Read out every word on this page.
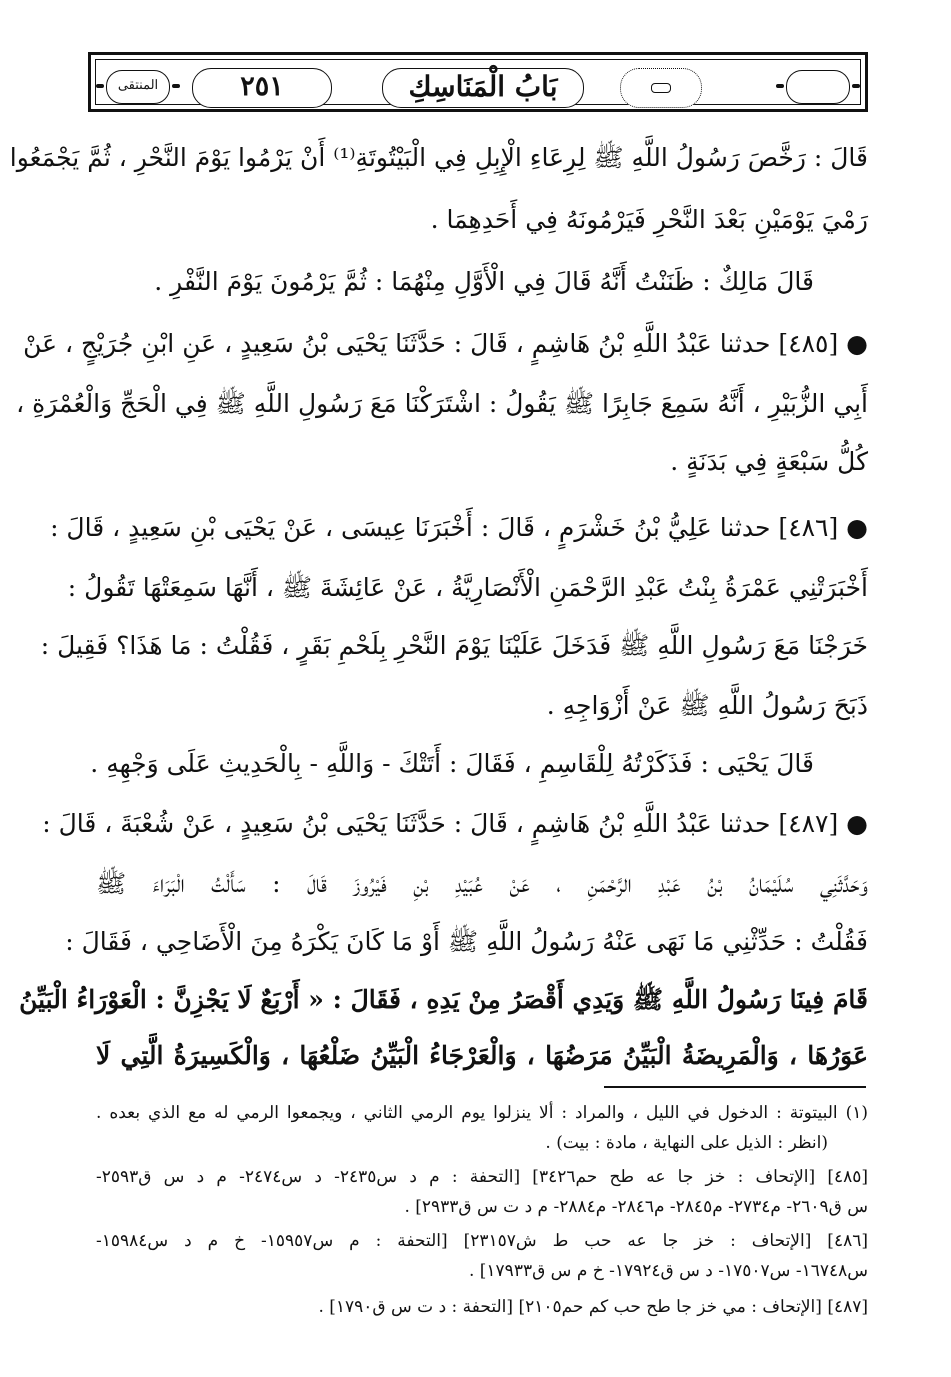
المنتقى	٢٥١	بَابُ الْمَنَاسِكِ
قَالَ : رَخَّصَ رَسُولُ اللَّهِ ﷺ لِرِعَاءِ الْإِبِلِ فِي الْبَيْتُوتَةِ⁽¹⁾ أَنْ يَرْمُوا يَوْمَ النَّحْرِ ، ثُمَّ يَجْمَعُوا
رَمْيَ يَوْمَيْنِ بَعْدَ النَّحْرِ فَيَرْمُونَهُ فِي أَحَدِهِمَا .
قَالَ مَالِكٌ : ظَنَنْتُ أَنَّهُ قَالَ فِي الْأَوَّلِ مِنْهُمَا : ثُمَّ يَرْمُونَ يَوْمَ النَّفْرِ .
● [٤٨٥] حدثنا عَبْدُ اللَّهِ بْنُ هَاشِمٍ ، قَالَ : حَدَّثَنَا يَحْيَى بْنُ سَعِيدٍ ، عَنِ ابْنِ جُرَيْجٍ ، عَنْ
أَبِي الزُّبَيْرِ ، أَنَّهُ سَمِعَ جَابِرًا ﷺ يَقُولُ : اشْتَرَكْنَا مَعَ رَسُولِ اللَّهِ ﷺ فِي الْحَجِّ وَالْعُمْرَةِ ،
كُلُّ سَبْعَةٍ فِي بَدَنَةٍ .
● [٤٨٦] حدثنا عَلِيُّ بْنُ خَشْرَمٍ ، قَالَ : أَخْبَرَنَا عِيسَى ، عَنْ يَحْيَى بْنِ سَعِيدٍ ، قَالَ :
أَخْبَرَتْنِي عَمْرَةُ بِنْتُ عَبْدِ الرَّحْمَنِ الْأَنْصَارِيَّةُ ، عَنْ عَائِشَةَ ﷺ ، أَنَّهَا سَمِعَتْهَا تَقُولُ :
خَرَجْنَا مَعَ رَسُولِ اللَّهِ ﷺ فَدَخَلَ عَلَيْنَا يَوْمَ النَّحْرِ بِلَحْمِ بَقَرٍ ، فَقُلْتُ : مَا هَذَا؟ فَقِيلَ :
ذَبَحَ رَسُولُ اللَّهِ ﷺ عَنْ أَزْوَاجِهِ .
قَالَ يَحْيَى : فَذَكَرْتُهُ لِلْقَاسِمِ ، فَقَالَ : أَتَتْكَ - وَاللَّهِ - بِالْحَدِيثِ عَلَى وَجْهِهِ .
● [٤٨٧] حدثنا عَبْدُ اللَّهِ بْنُ هَاشِمٍ ، قَالَ : حَدَّثَنَا يَحْيَى بْنُ سَعِيدٍ ، عَنْ شُعْبَةَ ، قَالَ :
وَحَدَّثَنِي سُلَيْمَانُ بْنُ عَبْدِ الرَّحْمَنِ ، عَنْ عُبَيْدِ بْنِ فَيْرُوزَ قَالَ : سَأَلْتُ الْبَرَاءَ ﷺ
فَقُلْتُ : حَدِّثْنِي مَا نَهَى عَنْهُ رَسُولُ اللَّهِ ﷺ أَوْ مَا كَانَ يَكْرَهُ مِنَ الْأَضَاحِي ، فَقَالَ :
قَامَ فِينَا رَسُولُ اللَّهِ ﷺ وَيَدِي أَقْصَرُ مِنْ يَدِهِ ، فَقَالَ : « أَرْبَعٌ لَا يَجْزِنَّ : الْعَوْرَاءُ الْبَيِّنُ
عَوَرُهَا ، وَالْمَرِيضَةُ الْبَيِّنُ مَرَضُهَا ، وَالْعَرْجَاءُ الْبَيِّنُ ضَلْعُهَا ، وَالْكَسِيرَةُ الَّتِي لَا
(١) البيتوتة : الدخول في الليل ، والمراد : ألا ينزلوا يوم الرمي الثاني ، ويجمعوا الرمي له مع الذي بعده .
(انظر : الذيل على النهاية ، مادة : بيت) .
[٤٨٥] [الإتحاف : خز جا عه طح حم٣٤٢٦] [التحفة : م د س٢٤٣٥- د س٢٤٧٤- م د س ق٢٥٩٣-
س ق٢٦٠٩- م٢٧٣٤- م٢٨٤٥- م٢٨٤٦- م٢٨٨٤- م د ت س ق٢٩٣٣] .
[٤٨٦] [الإتحاف : خز جا عه حب ط ش٢٣١٥٧] [التحفة : م س١٥٩٥٧- خ م د س١٥٩٨٤-
س١٦٧٤٨- س١٧٥٠٧- د س ق١٧٩٢٤- خ م س ق١٧٩٣٣] .
[٤٨٧] [الإتحاف : مي خز جا طح حب كم حم٢١٠٥] [التحفة : د ت س ق١٧٩٠] .
